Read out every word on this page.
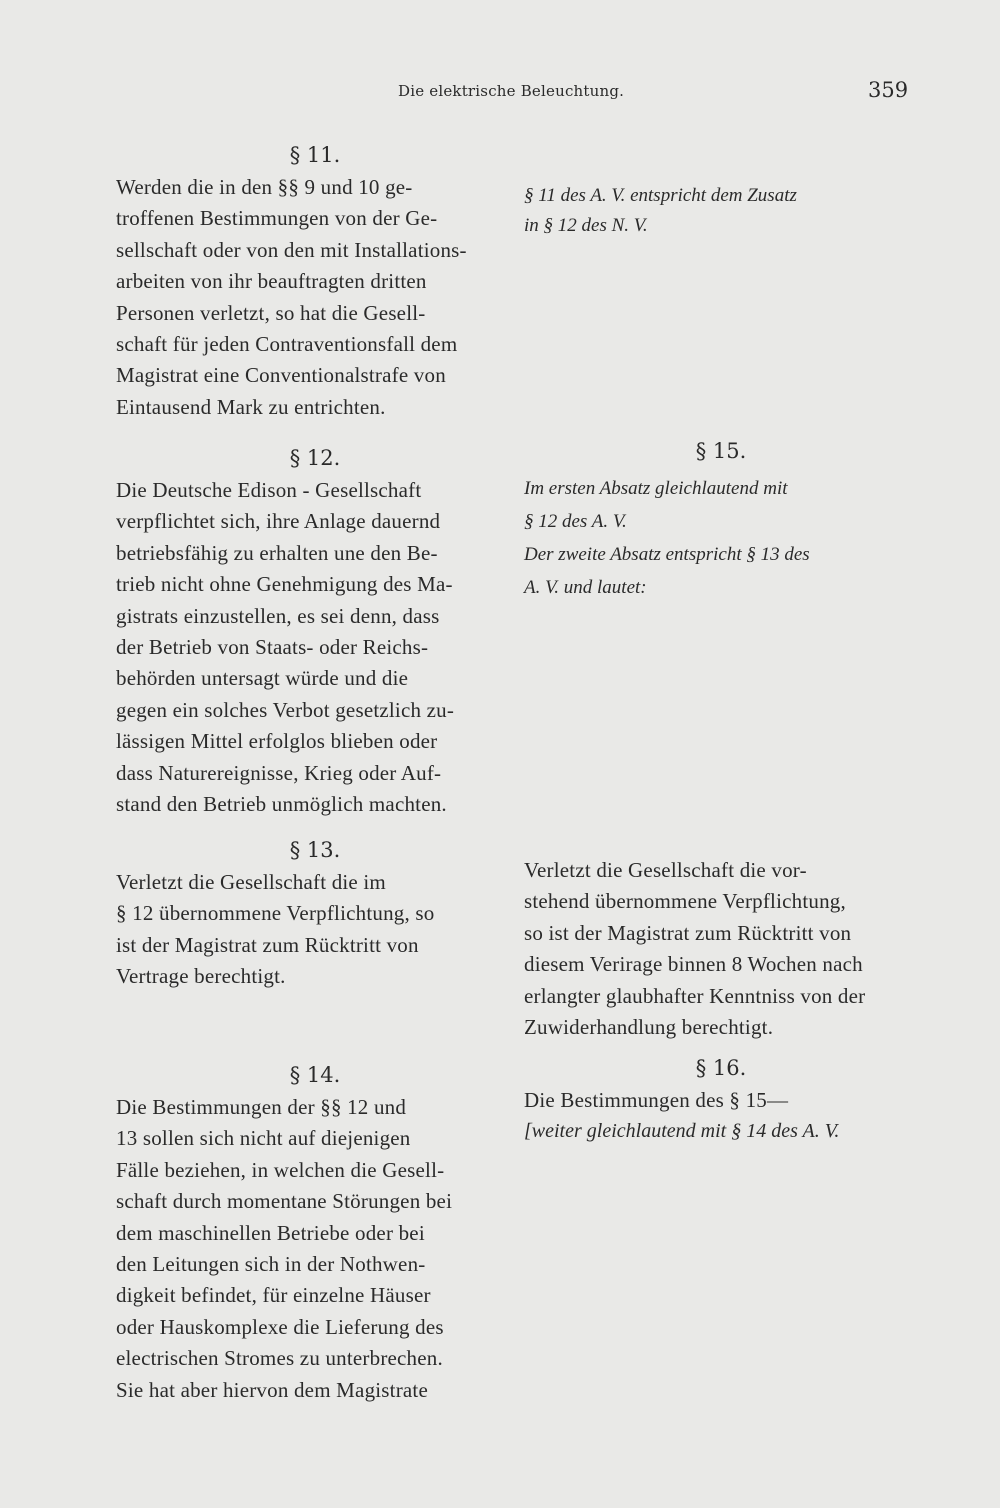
Die elektrische Beleuchtung.	359

§ 11.

Werden die in den §§ 9 und 10 ge-
troffenen Bestimmungen von der Ge-
sellschaft oder von den mit Installations-
arbeiten von ihr beauftragten dritten
Personen verletzt, so hat die Gesell-
schaft für jeden Contraventionsfall dem
Magistrat eine Conventionalstrafe von
Eintausend Mark zu entrichten.

§ 12.

Die Deutsche Edison - Gesellschaft
verpflichtet sich, ihre Anlage dauernd
betriebsfähig zu erhalten une den Be-
trieb nicht ohne Genehmigung des Ma-
gistrats einzustellen, es sei denn, dass
der Betrieb von Staats- oder Reichs-
behörden untersagt würde und die
gegen ein solches Verbot gesetzlich zu-
lässigen Mittel erfolglos blieben oder
dass Naturereignisse, Krieg oder Auf-
stand den Betrieb unmöglich machten.

§ 13.

Verletzt die Gesellschaft die im
§ 12 übernommene Verpflichtung, so
ist der Magistrat zum Rücktritt von
Vertrage berechtigt.

§ 14.

Die Bestimmungen der §§ 12 und
13 sollen sich nicht auf diejenigen
Fälle beziehen, in welchen die Gesell-
schaft durch momentane Störungen bei
dem maschinellen Betriebe oder bei
den Leitungen sich in der Nothwen-
digkeit befindet, für einzelne Häuser
oder Hauskomplexe die Lieferung des
electrischen Stromes zu unterbrechen.
Sie hat aber hiervon dem Magistrate

§ 11 des A. V. entspricht dem Zusatz
in § 12 des N. V.

§ 15.

Im ersten Absatz gleichlautend mit
§ 12 des A. V.
Der zweite Absatz entspricht § 13 des
A. V. und lautet:

Verletzt die Gesellschaft die vor-
stehend übernommene Verpflichtung,
so ist der Magistrat zum Rücktritt von
diesem Verirage binnen 8 Wochen nach
erlangter glaubhafter Kenntniss von der
Zuwiderhandlung berechtigt.

§ 16.

Die Bestimmungen des § 15—

[weiter gleichlautend mit § 14 des A. V.
